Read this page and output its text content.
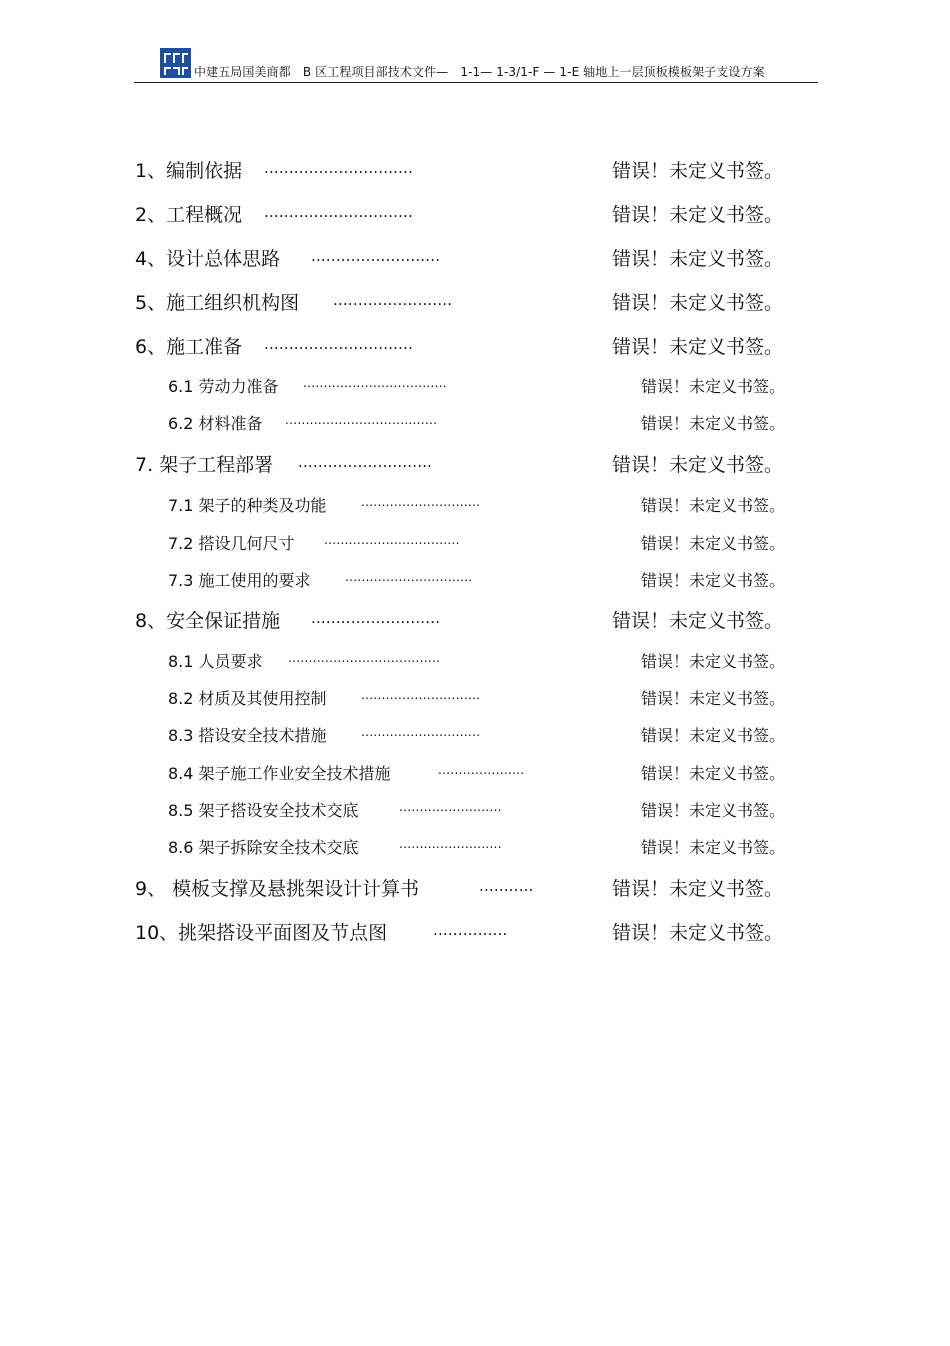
中建五局国美商都　B 区工程项目部技术文件—　1-1— 1-3/1-F — 1-E 轴地上一层顶板模板架子支设方案
1、编制依据 ..............................	错误！未定义书签。
2、工程概况 ..............................	错误！未定义书签。
4、设计总体思路 ..........................	错误！未定义书签。
5、施工组织机构图 ........................	错误！未定义书签。
6、施工准备 ..............................	错误！未定义书签。
6.1 劳动力准备 ...................................	错误！未定义书签。
6.2 材料准备 .....................................	错误！未定义书签。
7. 架子工程部署 ...........................	错误！未定义书签。
7.1 架子的种类及功能	.............................	错误！未定义书签。
7.2 搭设几何尺寸 .................................	错误！未定义书签。
7.3 施工使用的要求	...............................	错误！未定义书签。
8、安全保证措施 ..........................	错误！未定义书签。
8.1 人员要求 .....................................	错误！未定义书签。
8.2 材质及其使用控制	.............................	错误！未定义书签。
8.3 搭设安全技术措施	.............................	错误！未定义书签。
8.4 架子施工作业安全技术措施	.....................	错误！未定义书签。
8.5 架子搭设安全技术交底	.........................	错误！未定义书签。
8.6 架子拆除安全技术交底	.........................	错误！未定义书签。
9、 模板支撑及悬挑架设计计算书	...........	错误！未定义书签。
10、挑架搭设平面图及节点图	...............	错误！未定义书签。
